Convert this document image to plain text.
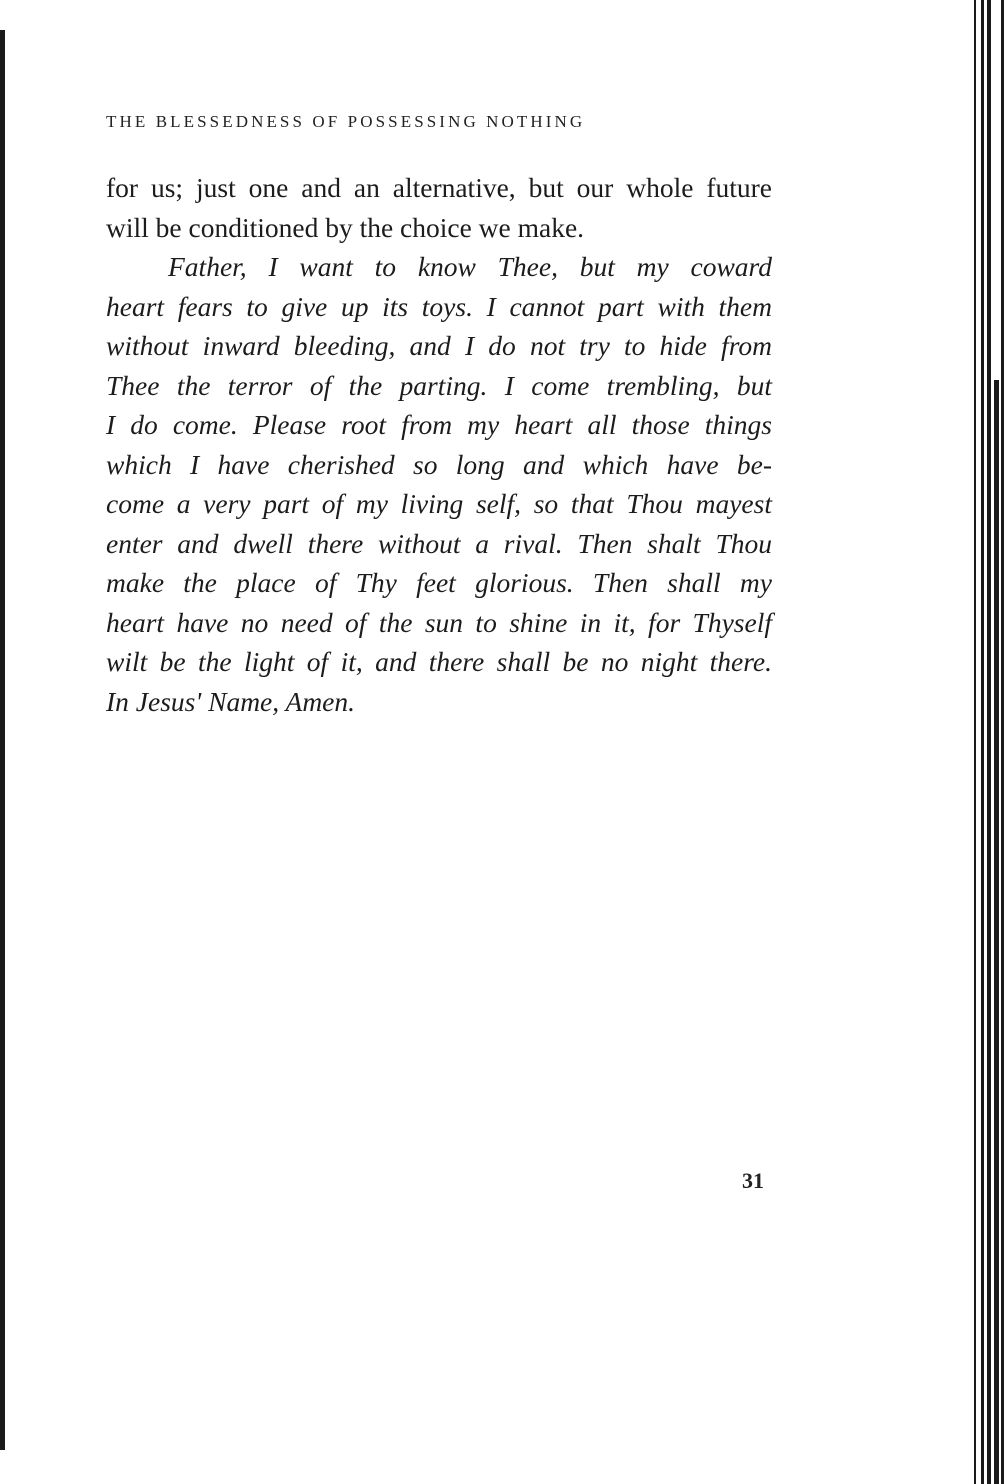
THE BLESSEDNESS OF POSSESSING NOTHING

for us; just one and an alternative, but our whole future
will be conditioned by the choice we make.

Father, I want to know Thee, but my coward
heart fears to give up its toys. I cannot part with them
without inward bleeding, and I do not try to hide from
Thee the terror of the parting. I come trembling, but
I do come. Please root from my heart all those things
which I have cherished so long and which have be-
come a very part of my living self, so that Thou mayest
enter and dwell there without a rival. Then shalt Thou
make the place of Thy feet glorious. Then shall my
heart have no need of the sun to shine in it, for Thyself
wilt be the light of it, and there shall be no night there.
In Jesus' Name, Amen.

31
